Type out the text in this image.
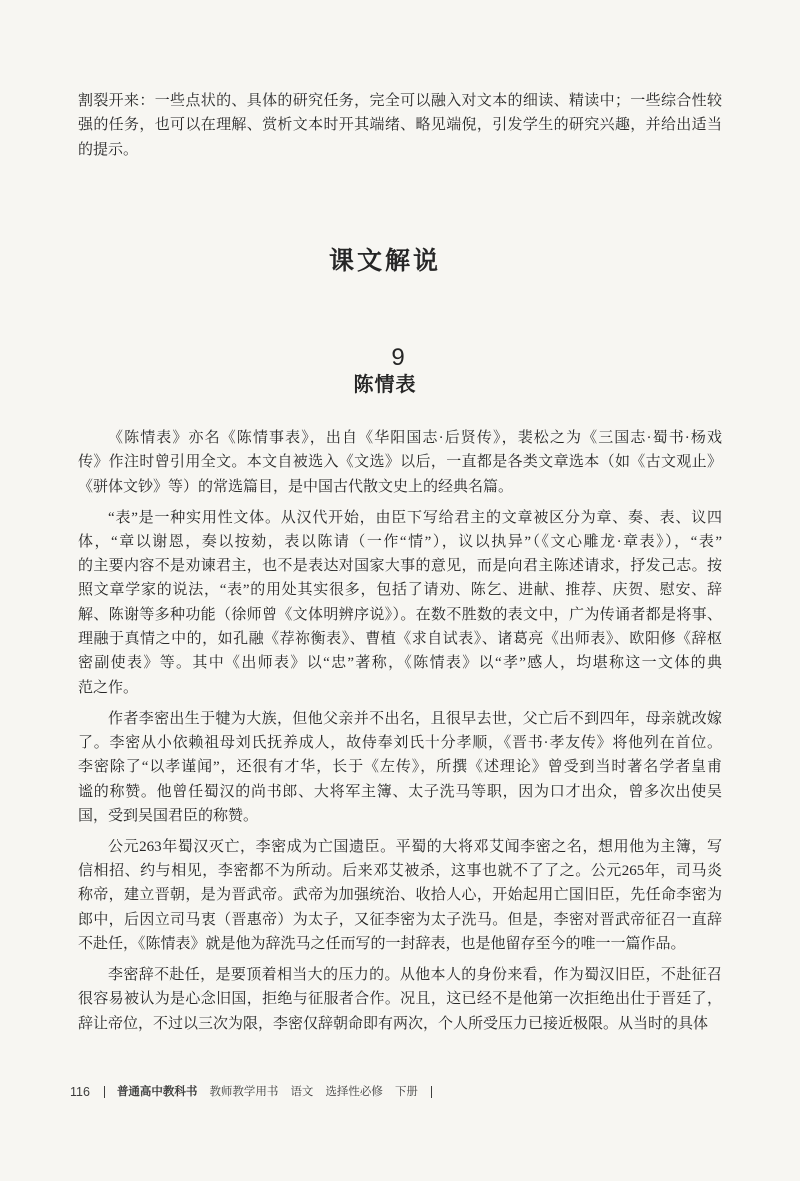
割裂开来：一些点状的、具体的研究任务，完全可以融入对文本的细读、精读中；一些综合性较
强的任务，也可以在理解、赏析文本时开其端绪、略见端倪，引发学生的研究兴趣，并给出适当
的提示。
课文解说
9
陈情表
《陈情表》亦名《陈情事表》，出自《华阳国志·后贤传》，裴松之为《三国志·蜀书·杨戏
传》作注时曾引用全文。本文自被选入《文选》以后，一直都是各类文章选本（如《古文观止》
《骈体文钞》等）的常选篇目，是中国古代散文史上的经典名篇。
“表”是一种实用性文体。从汉代开始，由臣下写给君主的文章被区分为章、奏、表、议四
体，“章以谢恩，奏以按劾，表以陈请（一作“情”），议以执异”（《文心雕龙·章表》），“表”
的主要内容不是劝谏君主，也不是表达对国家大事的意见，而是向君主陈述请求，抒发己志。按
照文章学家的说法，“表”的用处其实很多，包括了请劝、陈乞、进献、推荐、庆贺、慰安、辞
解、陈谢等多种功能（徐师曾《文体明辨序说》）。在数不胜数的表文中，广为传诵者都是将事、
理融于真情之中的，如孔融《荐祢衡表》、曹植《求自试表》、诸葛亮《出师表》、欧阳修《辞枢
密副使表》等。其中《出师表》以“忠”著称，《陈情表》以“孝”感人，均堪称这一文体的典
范之作。
作者李密出生于犍为大族，但他父亲并不出名，且很早去世，父亡后不到四年，母亲就改嫁
了。李密从小依赖祖母刘氏抚养成人，故侍奉刘氏十分孝顺，《晋书·孝友传》将他列在首位。
李密除了“以孝谨闻”，还很有才华，长于《左传》，所撰《述理论》曾受到当时著名学者皇甫
谧的称赞。他曾任蜀汉的尚书郎、大将军主簿、太子洗马等职，因为口才出众，曾多次出使吴
国，受到吴国君臣的称赞。
公元263年蜀汉灭亡，李密成为亡国遗臣。平蜀的大将邓艾闻李密之名，想用他为主簿，写
信相招、约与相见，李密都不为所动。后来邓艾被杀，这事也就不了了之。公元265年，司马炎
称帝，建立晋朝，是为晋武帝。武帝为加强统治、收拾人心，开始起用亡国旧臣，先任命李密为
郎中，后因立司马衷（晋惠帝）为太子，又征李密为太子洗马。但是，李密对晋武帝征召一直辞
不赴任，《陈情表》就是他为辞洗马之任而写的一封辞表，也是他留存至今的唯一一篇作品。
李密辞不赴任，是要顶着相当大的压力的。从他本人的身份来看，作为蜀汉旧臣，不赴征召
很容易被认为是心念旧国，拒绝与征服者合作。况且，这已经不是他第一次拒绝出仕于晋廷了，
辞让帝位，不过以三次为限，李密仅辞朝命即有两次，个人所受压力已接近极限。从当时的具体
116 普通高中教科书 教师教学用书 语文 选择性必修 下册
